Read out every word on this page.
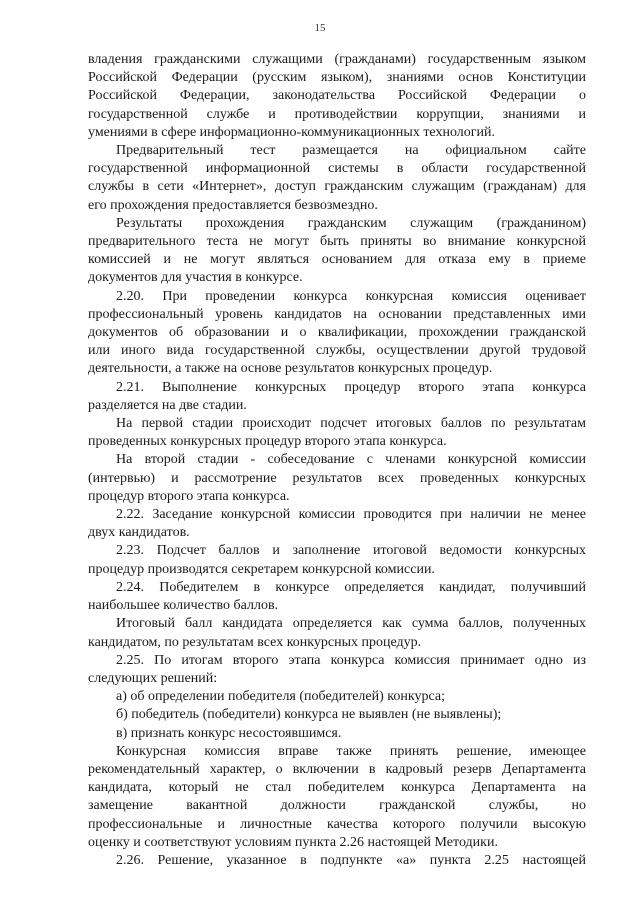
15
владения гражданскими служащими (гражданами) государственным языком
Российской Федерации (русским языком), знаниями основ Конституции
Российской Федерации, законодательства Российской Федерации о
государственной службе и противодействии коррупции, знаниями и
умениями в сфере информационно-коммуникационных технологий.
Предварительный тест размещается на официальном сайте
государственной информационной системы в области государственной
службы в сети «Интернет», доступ гражданским служащим (гражданам) для
его прохождения предоставляется безвозмездно.
Результаты прохождения гражданским служащим (гражданином)
предварительного теста не могут быть приняты во внимание конкурсной
комиссией и не могут являться основанием для отказа ему в приеме
документов для участия в конкурсе.
2.20. При проведении конкурса конкурсная комиссия оценивает
профессиональный уровень кандидатов на основании представленных ими
документов об образовании и о квалификации, прохождении гражданской
или иного вида государственной службы, осуществлении другой трудовой
деятельности, а также на основе результатов конкурсных процедур.
2.21. Выполнение конкурсных процедур второго этапа конкурса
разделяется на две стадии.
На первой стадии происходит подсчет итоговых баллов по результатам
проведенных конкурсных процедур второго этапа конкурса.
На второй стадии - собеседование с членами конкурсной комиссии
(интервью) и рассмотрение результатов всех проведенных конкурсных
процедур второго этапа конкурса.
2.22. Заседание конкурсной комиссии проводится при наличии не менее
двух кандидатов.
2.23. Подсчет баллов и заполнение итоговой ведомости конкурсных
процедур производятся секретарем конкурсной комиссии.
2.24. Победителем в конкурсе определяется кандидат, получивший
наибольшее количество баллов.
Итоговый балл кандидата определяется как сумма баллов, полученных
кандидатом, по результатам всех конкурсных процедур.
2.25. По итогам второго этапа конкурса комиссия принимает одно из
следующих решений:
а) об определении победителя (победителей) конкурса;
б) победитель (победители) конкурса не выявлен (не выявлены);
в) признать конкурс несостоявшимся.
Конкурсная комиссия вправе также принять решение, имеющее
рекомендательный характер, о включении в кадровый резерв Департамента
кандидата, который не стал победителем конкурса Департамента на
замещение вакантной должности гражданской службы, но
профессиональные и личностные качества которого получили высокую
оценку и соответствуют условиям пункта 2.26 настоящей Методики.
2.26. Решение, указанное в подпункте «а» пункта 2.25 настоящей
